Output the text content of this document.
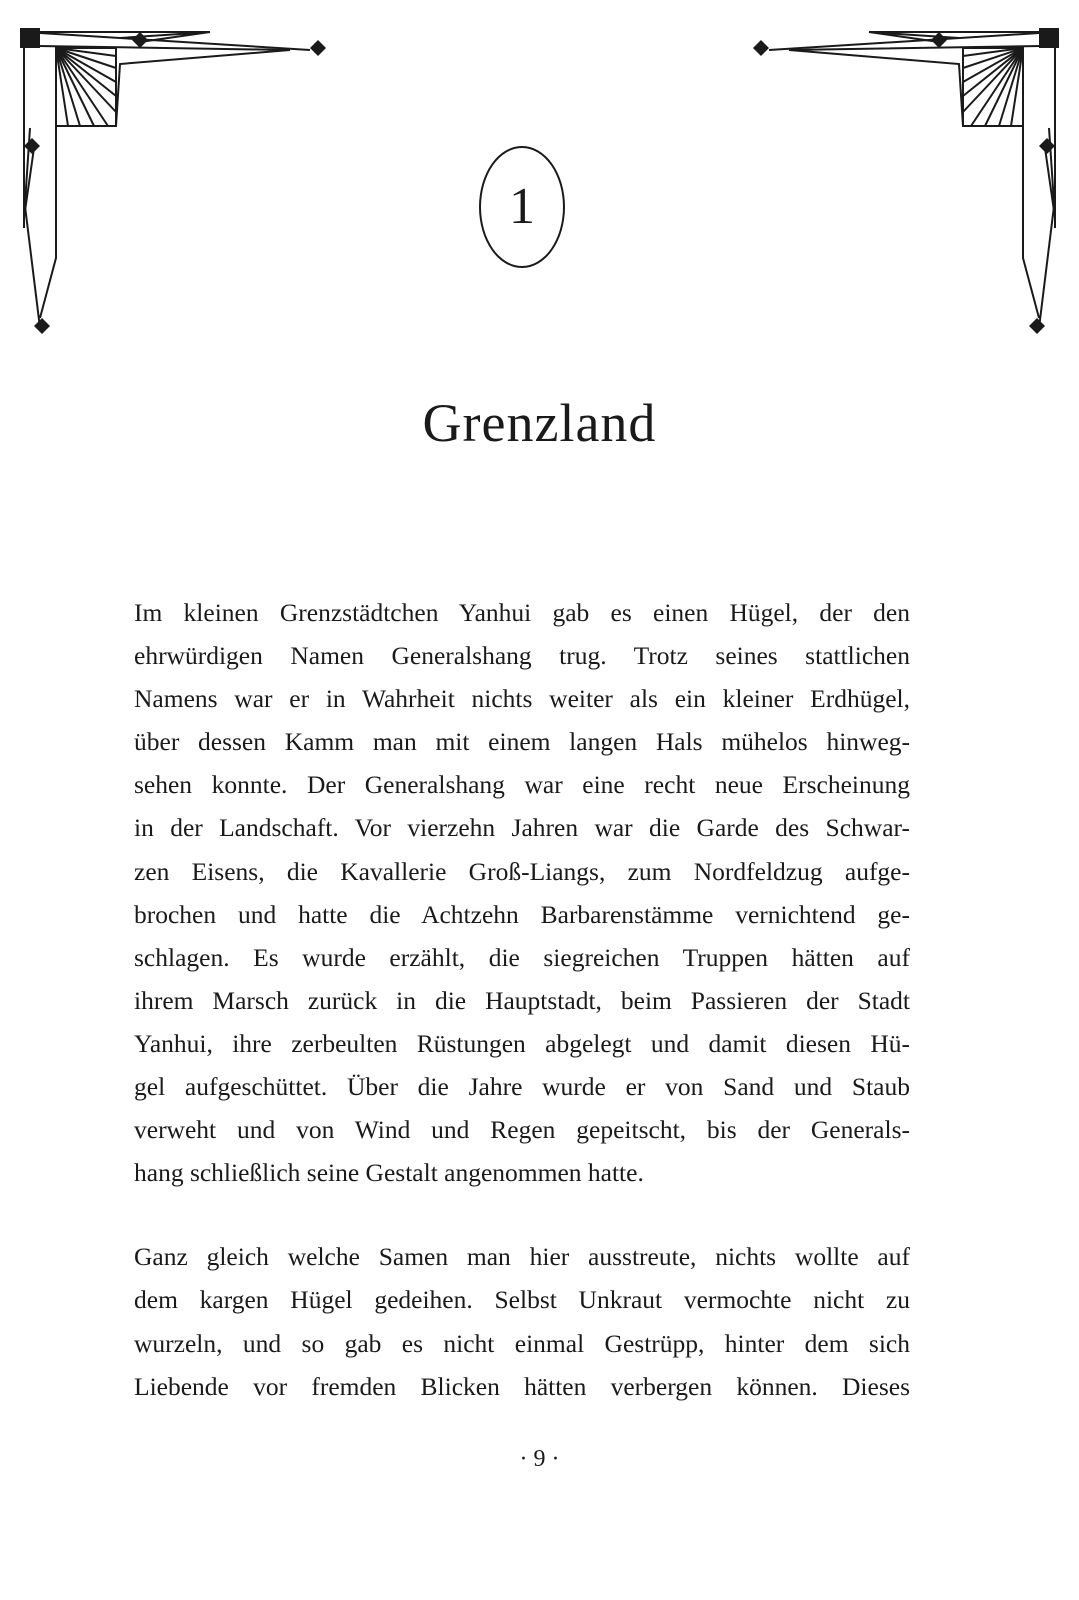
1
Grenzland

Im kleinen Grenzstädtchen Yanhui gab es einen Hügel, der den
ehrwürdigen Namen Generalshang trug. Trotz seines stattlichen
Namens war er in Wahrheit nichts weiter als ein kleiner Erdhügel,
über dessen Kamm man mit einem langen Hals mühelos hinweg-
sehen konnte. Der Generalshang war eine recht neue Erscheinung
in der Landschaft. Vor vierzehn Jahren war die Garde des Schwar-
zen Eisens, die Kavallerie Groß-Liangs, zum Nordfeldzug aufge-
brochen und hatte die Achtzehn Barbarenstämme vernichtend ge-
schlagen. Es wurde erzählt, die siegreichen Truppen hätten auf
ihrem Marsch zurück in die Hauptstadt, beim Passieren der Stadt
Yanhui, ihre zerbeulten Rüstungen abgelegt und damit diesen Hü-
gel aufgeschüttet. Über die Jahre wurde er von Sand und Staub
verweht und von Wind und Regen gepeitscht, bis der Generals-
hang schließlich seine Gestalt angenommen hatte.

Ganz gleich welche Samen man hier ausstreute, nichts wollte auf
dem kargen Hügel gedeihen. Selbst Unkraut vermochte nicht zu
wurzeln, und so gab es nicht einmal Gestrüpp, hinter dem sich
Liebende vor fremden Blicken hätten verbergen können. Dieses

· 9 ·
